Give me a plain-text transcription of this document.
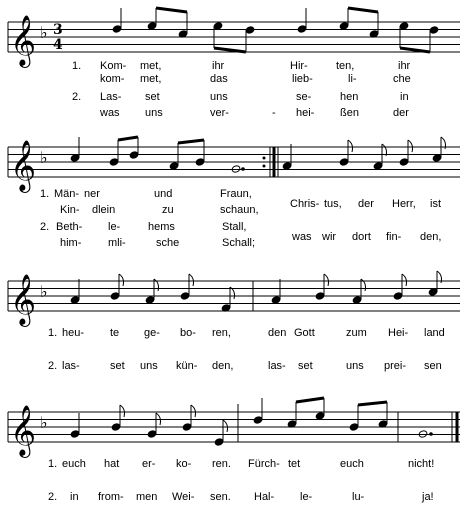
𝄞
𝄞
𝄞
𝄞
♭
♭
♭
♭
3
4
1. Kom- met,	ihr	Hir-	ten,	ihr
kom- met,	das	lieb-	li-	che
2. Las- set	uns	se-	hen	in
was uns	ver-	- hei- ßen	der
1. Män- ner	und	Fraun,
Kin- dlein	zu	schaun,
2. Beth- le-	hems	Stall,
him- mli-	sche	Schall;
Chris- tus, der Herr, ist
was wir dort fin- den,
1. heu- te ge- bo- ren,	den Gott	zum Hei- land
2. las-	set uns kün- den,	las- set	uns prei- sen
1. euch hat er- ko- ren. Fürch- tet	euch	nicht!
2. in from- men Wei- sen. Hal- le-	lu-	ja!
